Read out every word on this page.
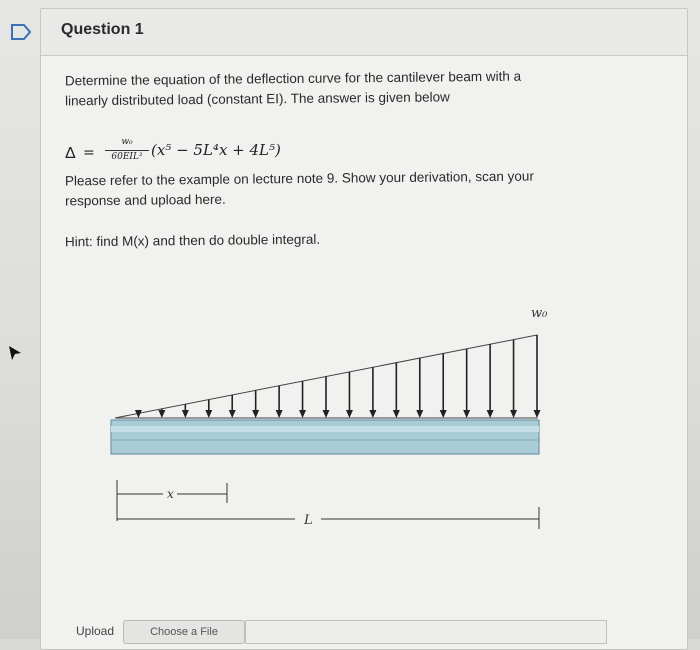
Question 1
Determine the equation of the deflection curve for the cantilever beam with a
linearly distributed load (constant EI). The answer is given below
Δ =
w₀
60EIL² (x⁵ − 5L⁴x + 4L⁵)
Please refer to the example on lecture note 9. Show your derivation, scan your
response and upload here.
Hint: find M(x) and then do double integral.
x
L
w₀
Upload	Choose a File
